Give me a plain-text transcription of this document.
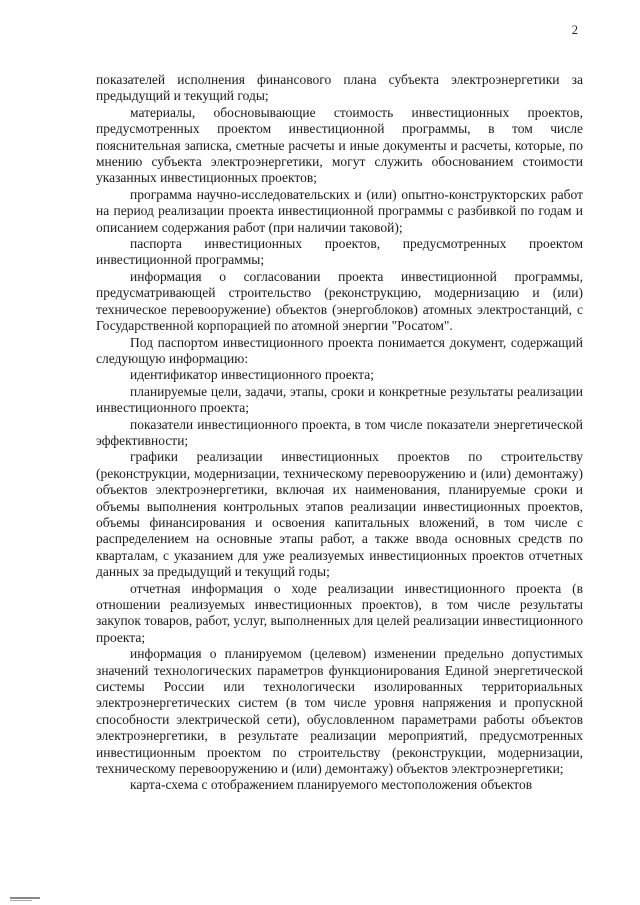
2

показателей исполнения финансового плана субъекта электроэнергетики за предыдущий и текущий годы;

материалы, обосновывающие стоимость инвестиционных проектов, предусмотренных проектом инвестиционной программы, в том числе пояснительная записка, сметные расчеты и иные документы и расчеты, которые, по мнению субъекта электроэнергетики, могут служить обоснованием стоимости указанных инвестиционных проектов;

программа научно-исследовательских и (или) опытно-конструкторских работ на период реализации проекта инвестиционной программы с разбивкой по годам и описанием содержания работ (при наличии таковой);

паспорта инвестиционных проектов, предусмотренных проектом инвестиционной программы;

информация о согласовании проекта инвестиционной программы, предусматривающей строительство (реконструкцию, модернизацию и (или) техническое перевооружение) объектов (энергоблоков) атомных электростанций, с Государственной корпорацией по атомной энергии "Росатом".

Под паспортом инвестиционного проекта понимается документ, содержащий следующую информацию:

идентификатор инвестиционного проекта;

планируемые цели, задачи, этапы, сроки и конкретные результаты реализации инвестиционного проекта;

показатели инвестиционного проекта, в том числе показатели энергетической эффективности;

графики реализации инвестиционных проектов по строительству (реконструкции, модернизации, техническому перевооружению и (или) демонтажу) объектов электроэнергетики, включая их наименования, планируемые сроки и объемы выполнения контрольных этапов реализации инвестиционных проектов, объемы финансирования и освоения капитальных вложений, в том числе с распределением на основные этапы работ, а также ввода основных средств по кварталам, с указанием для уже реализуемых инвестиционных проектов отчетных данных за предыдущий и текущий годы;

отчетная информация о ходе реализации инвестиционного проекта (в отношении реализуемых инвестиционных проектов), в том числе результаты закупок товаров, работ, услуг, выполненных для целей реализации инвестиционного проекта;

информация о планируемом (целевом) изменении предельно допустимых значений технологических параметров функционирования Единой энергетической системы России или технологически изолированных территориальных электроэнергетических систем (в том числе уровня напряжения и пропускной способности электрической сети), обусловленном параметрами работы объектов электроэнергетики, в результате реализации мероприятий, предусмотренных инвестиционным проектом по строительству (реконструкции, модернизации, техническому перевооружению и (или) демонтажу) объектов электроэнергетики;

карта-схема с отображением планируемого местоположения объектов
